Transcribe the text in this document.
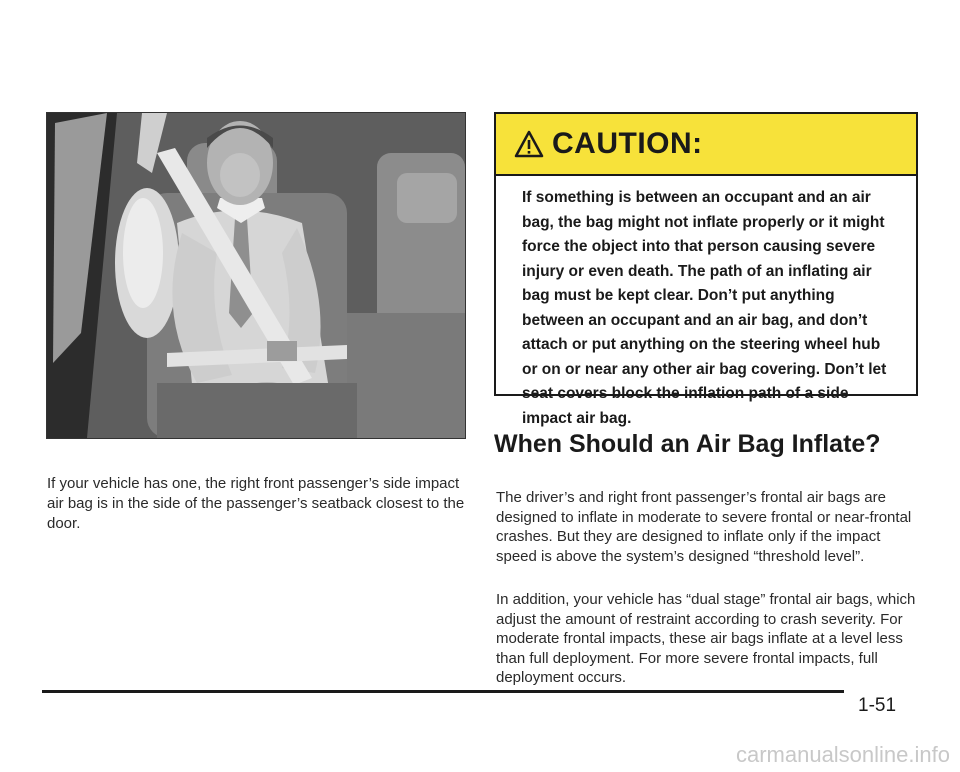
If your vehicle has one, the right front passenger’s side impact air bag is in the side of the passenger’s seatback closest to the door.

CAUTION:
If something is between an occupant and an air bag, the bag might not inflate properly or it might force the object into that person causing severe injury or even death. The path of an inflating air bag must be kept clear. Don’t put anything between an occupant and an air bag, and don’t attach or put anything on the steering wheel hub or on or near any other air bag covering. Don’t let seat covers block the inflation path of a side impact air bag.
When Should an Air Bag Inflate?

The driver’s and right front passenger’s frontal air bags are designed to inflate in moderate to severe frontal or near-frontal crashes. But they are designed to inflate only if the impact speed is above the system’s designed “threshold level”.

In addition, your vehicle has “dual stage” frontal air bags, which adjust the amount of restraint according to crash severity. For moderate frontal impacts, these air bags inflate at a level less than full deployment. For more severe frontal impacts, full deployment occurs.

1-51
carmanualsonline.info
